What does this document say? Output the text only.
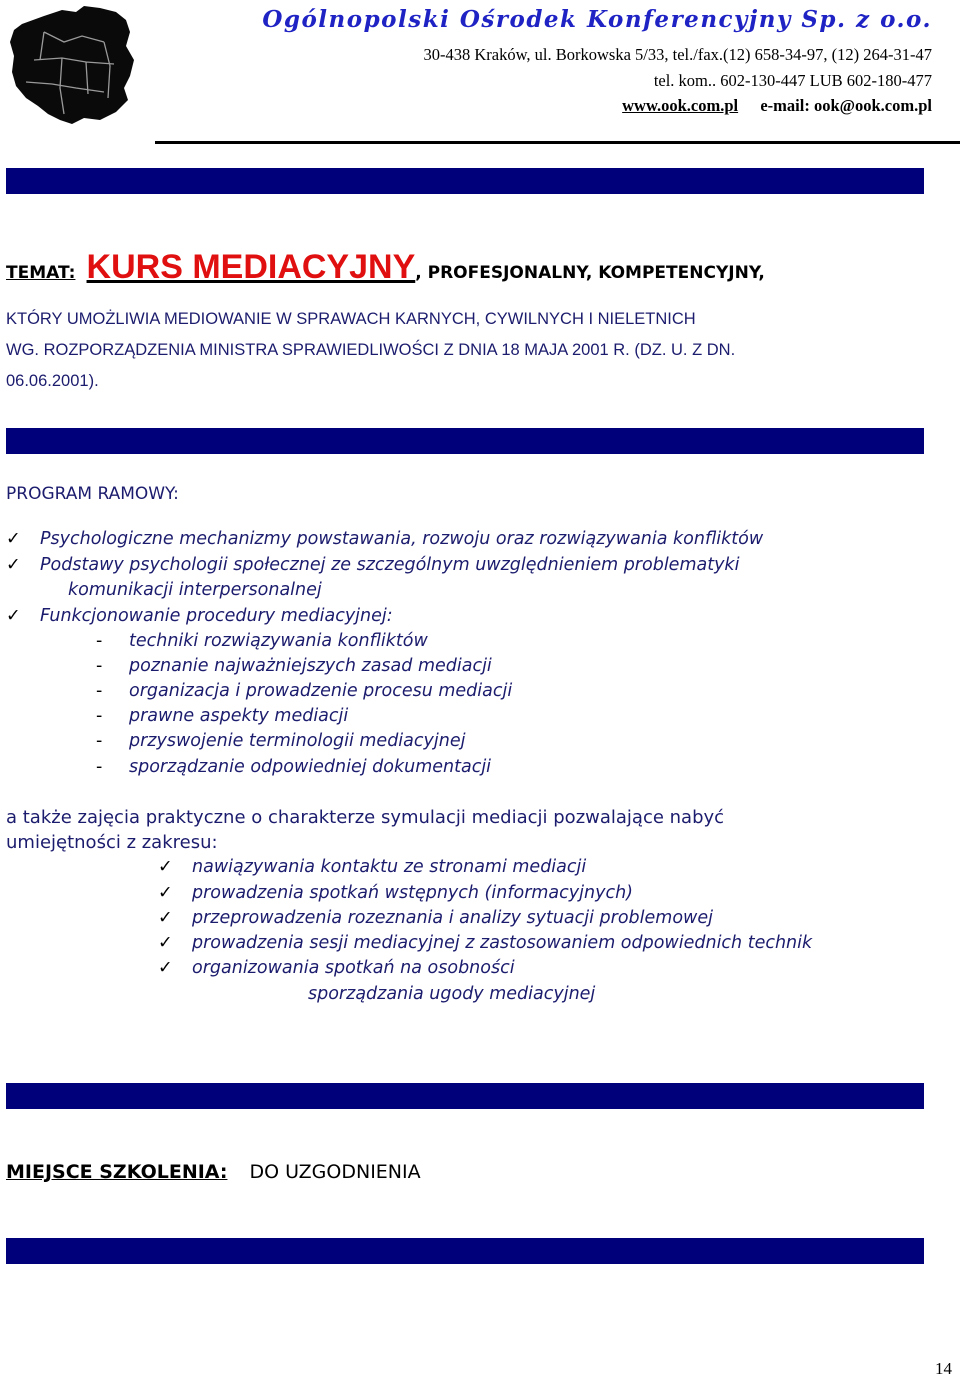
Ogólnopolski Ośrodek Konferencyjny Sp. z o.o.
30-438 Kraków, ul. Borkowska 5/33, tel./fax.(12) 658-34-97, (12) 264-31-47
tel. kom.. 602-130-447 LUB 602-180-477
www.ook.com.pl e-mail: ook@ook.com.pl
TEMAT: KURS MEDIACYJNY, PROFESJONALNY, KOMPETENCYJNY,
KTÓRY UMOŻLIWIA MEDIOWANIE W SPRAWACH KARNYCH, CYWILNYCH I NIELETNICH
WG. ROZPORZĄDZENIA MINISTRA SPRAWIEDLIWOŚCI Z DNIA 18 MAJA 2001 R. (DZ. U. Z DN.
06.06.2001).
PROGRAM RAMOWY:
✓ Psychologiczne mechanizmy powstawania, rozwoju oraz rozwiązywania konfliktów
✓ Podstawy psychologii społecznej ze szczególnym uwzględnieniem problematyki
komunikacji interpersonalnej
✓ Funkcjonowanie procedury mediacyjnej:
- techniki rozwiązywania konfliktów
- poznanie najważniejszych zasad mediacji
- organizacja i prowadzenie procesu mediacji
- prawne aspekty mediacji
- przyswojenie terminologii mediacyjnej
- sporządzanie odpowiedniej dokumentacji
a także zajęcia praktyczne o charakterze symulacji mediacji pozwalające nabyć
umiejętności z zakresu:
✓ nawiązywania kontaktu ze stronami mediacji
✓ prowadzenia spotkań wstępnych (informacyjnych)
✓ przeprowadzenia rozeznania i analizy sytuacji problemowej
✓ prowadzenia sesji mediacyjnej z zastosowaniem odpowiednich technik
✓ organizowania spotkań na osobności
sporządzania ugody mediacyjnej
MIEJSCE SZKOLENIA: DO UZGODNIENIA
14
